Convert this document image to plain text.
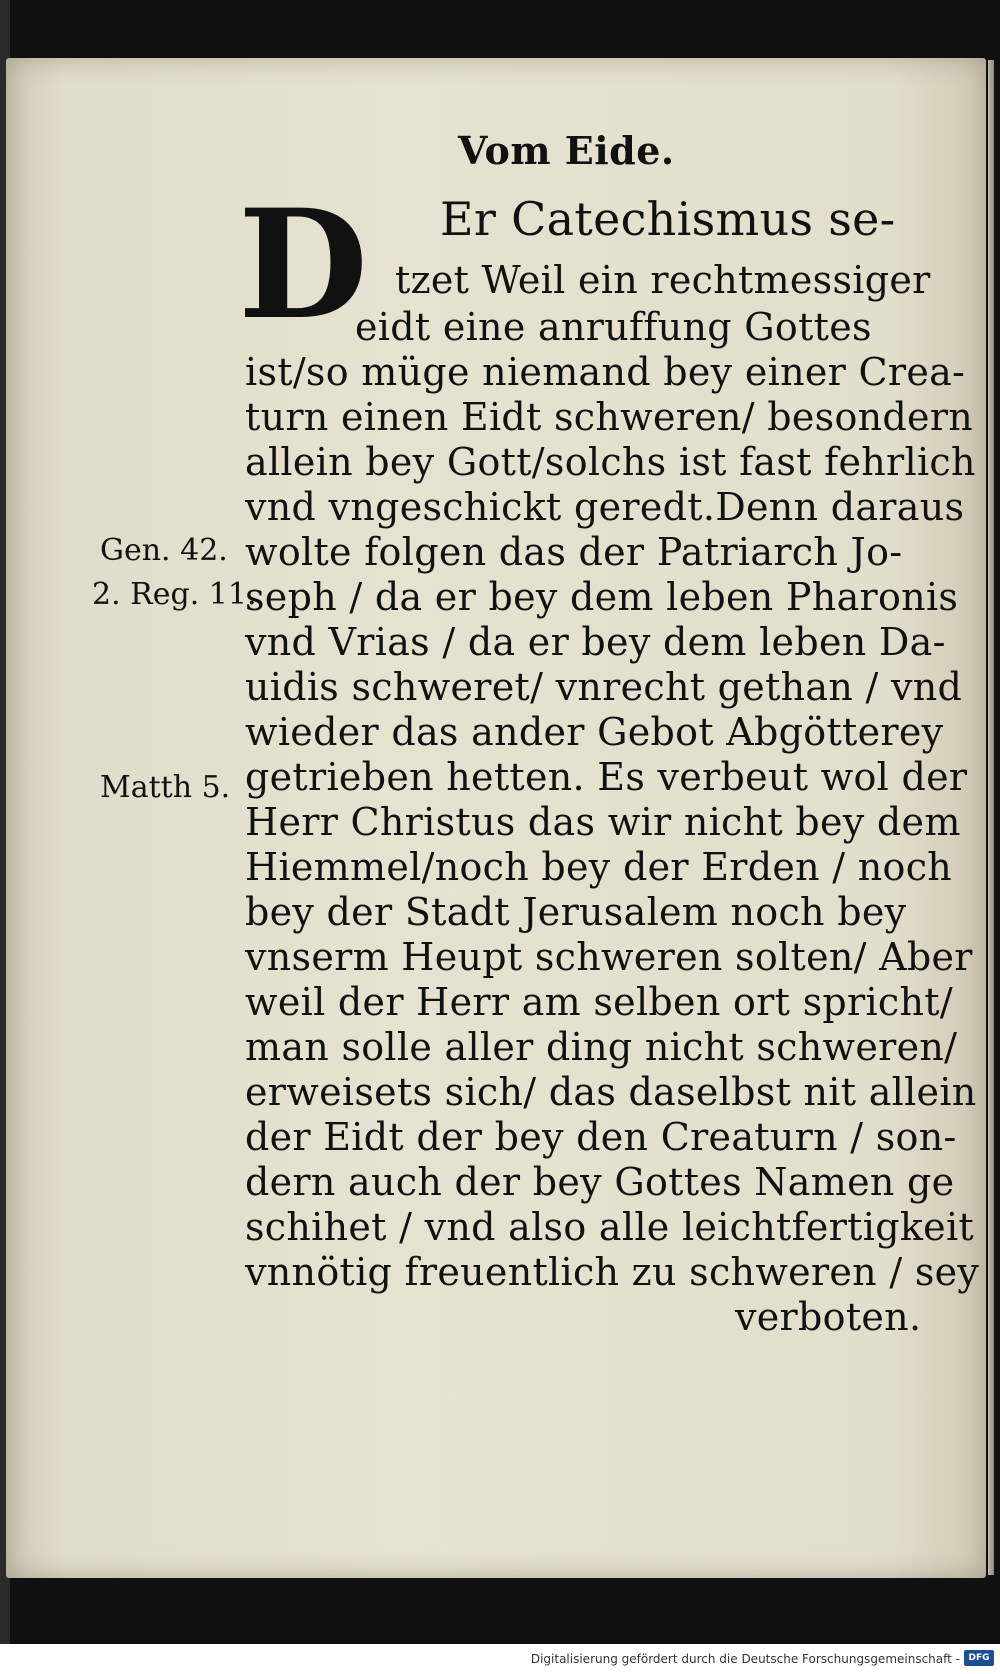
Vom Eide.
D Er Catechismus se-
tzet Weil ein rechtmessiger
eidt eine anruffung Gottes
ist/so müge niemand bey einer Crea-
turn einen Eidt schweren/ besondern
allein bey Gott/solchs ist fast fehrlich
vnd vngeschickt geredt.Denn daraus
wolte folgen das der Patriarch Jo-
seph / da er bey dem leben Pharonis
vnd Vrias / da er bey dem leben Da-
uidis schweret/ vnrecht gethan / vnd
wieder das ander Gebot Abgötterey
getrieben hetten. Es verbeut wol der
Herr Christus das wir nicht bey dem
Hiemmel/noch bey der Erden / noch
bey der Stadt Jerusalem noch bey
vnserm Heupt schweren solten/ Aber
weil der Herr am selben ort spricht/
man solle aller ding nicht schweren/
erweisets sich/ das daselbst nit allein
der Eidt der bey den Creaturn / son-
dern auch der bey Gottes Namen ge
schihet / vnd also alle leichtfertigkeit
vnnötig freuentlich zu schweren / sey
verboten.
Gen. 42.
2. Reg. 11.
Matth 5.
Digitalisierung gefördert durch die Deutsche Forschungsgemeinschaft - DFG
